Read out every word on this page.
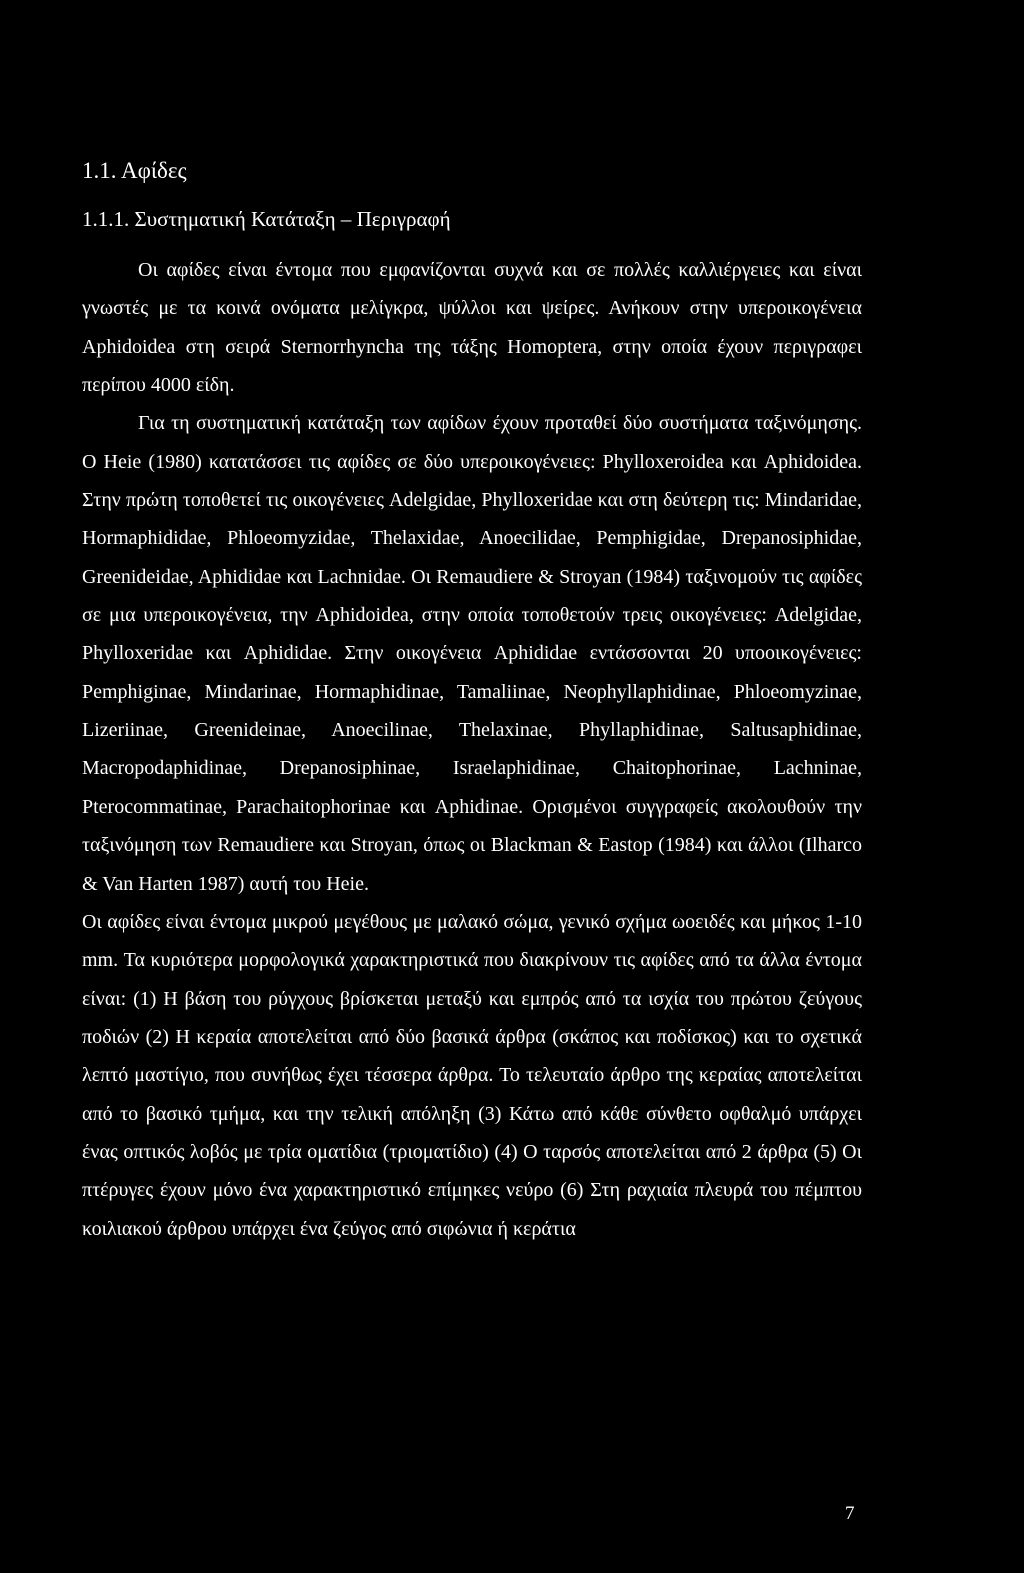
1.1. Αφίδες
1.1.1. Συστηματική Κατάταξη – Περιγραφή

Οι αφίδες είναι έντομα που εμφανίζονται συχνά και σε πολλές καλλιέργειες και είναι γνωστές με τα κοινά ονόματα μελίγκρα, ψύλλοι και ψείρες. Ανήκουν στην υπεροικογένεια Aphidoidea στη σειρά Sternorrhyncha της τάξης Homoptera, στην οποία έχουν περιγραφει περίπου 4000 είδη.

Για τη συστηματική κατάταξη των αφίδων έχουν προταθεί δύο συστήματα ταξινόμησης. Ο Heie (1980) κατατάσσει τις αφίδες σε δύο υπεροικογένειες: Phylloxeroidea και Aphidoidea. Στην πρώτη τοποθετεί τις οικογένειες Adelgidae, Phylloxeridae και στη δεύτερη τις: Mindaridae, Hormaphididae, Phloeomyzidae, Thelaxidae, Anoecilidae, Pemphigidae, Drepanosiphidae, Greenideidae, Aphididae και Lachnidae. Οι Remaudiere & Stroyan (1984) ταξινομούν τις αφίδες σε μια υπεροικογένεια, την Aphidoidea, στην οποία τοποθετούν τρεις οικογένειες: Adelgidae, Phylloxeridae και Aphididae. Στην οικογένεια Aphididae εντάσσονται 20 υποοικογένειες: Pemphiginae, Mindarinae, Hormaphidinae, Tamaliinae, Neophyllaphidinae, Phloeomyzinae, Lizeriinae, Greenideinae, Anoecilinae, Thelaxinae, Phyllaphidinae, Saltusaphidinae, Macropodaphidinae, Drepanosiphinae, Israelaphidinae, Chaitophorinae, Lachninae, Pterocommatinae, Parachaitophorinae και Aphidinae. Ορισμένοι συγγραφείς ακολουθούν την ταξινόμηση των Remaudiere και Stroyan, όπως οι Blackman & Eastop (1984) και άλλοι (Ilharco & Van Harten 1987) αυτή του Heie.

Οι αφίδες είναι έντομα μικρού μεγέθους με μαλακό σώμα, γενικό σχήμα ωοειδές και μήκος 1-10 mm. Τα κυριότερα μορφολογικά χαρακτηριστικά που διακρίνουν τις αφίδες από τα άλλα έντομα είναι: (1) Η βάση του ρύγχους βρίσκεται μεταξύ και εμπρός από τα ισχία του πρώτου ζεύγους ποδιών (2) Η κεραία αποτελείται από δύο βασικά άρθρα (σκάπος και ποδίσκος) και το σχετικά λεπτό μαστίγιο, που συνήθως έχει τέσσερα άρθρα. Το τελευταίο άρθρο της κεραίας αποτελείται από το βασικό τμήμα, και την τελική απόληξη (3) Κάτω από κάθε σύνθετο οφθαλμό υπάρχει ένας οπτικός λοβός με τρία οματίδια (τριοματίδιο) (4) Ο ταρσός αποτελείται από 2 άρθρα (5) Οι πτέρυγες έχουν μόνο ένα χαρακτηριστικό επίμηκες νεύρο (6) Στη ραχιαία πλευρά του πέμπτου κοιλιακού άρθρου υπάρχει ένα ζεύγος από σιφώνια ή κεράτια

7
